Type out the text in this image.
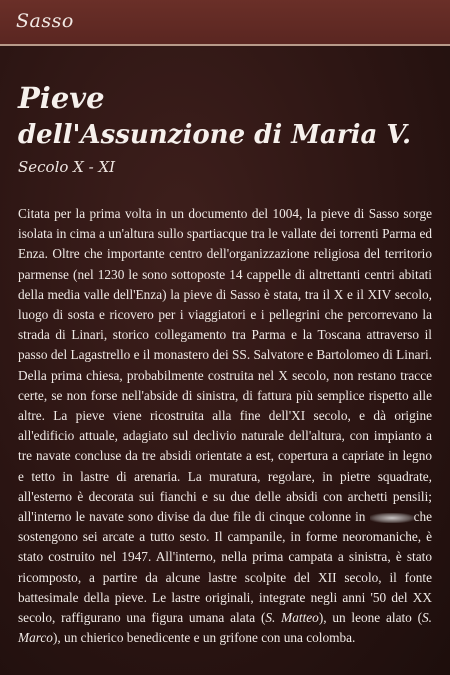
Sasso
Pieve
dell'Assunzione di Maria V.
Secolo X - XI

Citata per la prima volta in un documento del 1004, la pieve di Sasso sorge isolata in cima a un'altura sullo spartiacque tra le vallate dei torrenti Parma ed Enza. Oltre che importante centro dell'organizzazione religiosa del territorio parmense (nel 1230 le sono sottoposte 14 cappelle di altrettanti centri abitati della media valle dell'Enza) la pieve di Sasso è stata, tra il X e il XIV secolo, luogo di sosta e ricovero per i viaggiatori e i pellegrini che percorrevano la strada di Linari, storico collegamento tra Parma e la Toscana attraverso il passo del Lagastrello e il monastero dei SS. Salvatore e Bartolomeo di Linari. Della prima chiesa, probabilmente costruita nel X secolo, non restano tracce certe, se non forse nell'abside di sinistra, di fattura più semplice rispetto alle altre. La pieve viene ricostruita alla fine dell'XI secolo, e dà origine all'edificio attuale, adagiato sul declivio naturale dell'altura, con impianto a tre navate concluse da tre absidi orientate a est, copertura a capriate in legno e tetto in lastre di arenaria. La muratura, regolare, in pietre squadrate, all'esterno è decorata sui fianchi e su due delle absidi con archetti pensili; all'interno le navate sono divise da due file di cinque colonne in	che sostengono sei arcate a tutto sesto. Il campanile, in forme neoromaniche, è stato costruito nel 1947. All'interno, nella prima campata a sinistra, è stato ricomposto, a partire da alcune lastre scolpite del XII secolo, il fonte battesimale della pieve. Le lastre originali, integrate negli anni '50 del XX secolo, raffigurano una figura umana alata (S. Matteo), un leone alato (S. Marco), un chierico benedicente e un grifone con una colomba.
